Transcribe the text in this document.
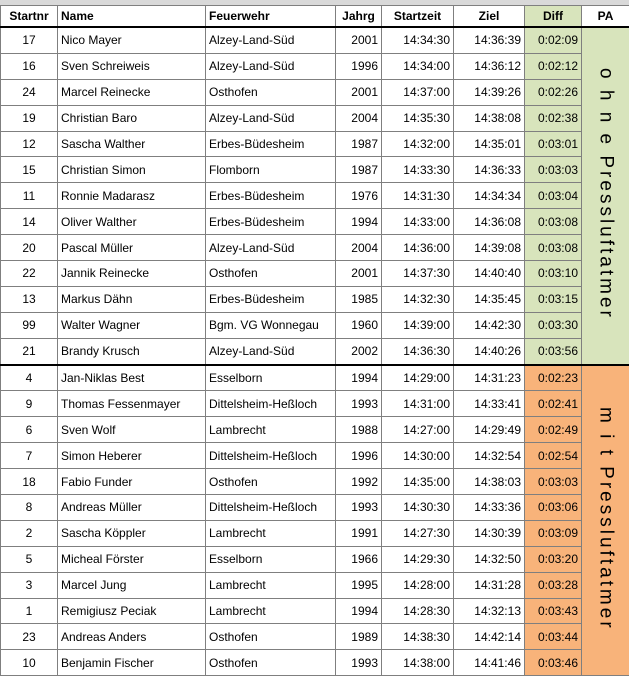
Startnr	Name	Feuerwehr	Jahrg	Startzeit	Ziel	Diff	PA
17	Nico Mayer	Alzey-Land-Süd	2001	14:34:30	14:36:39	0:02:09	o h n e Pressluftatmer
16	Sven Schreiweis	Alzey-Land-Süd	1996	14:34:00	14:36:12	0:02:12	
24	Marcel Reinecke	Osthofen	2001	14:37:00	14:39:26	0:02:26	
19	Christian Baro	Alzey-Land-Süd	2004	14:35:30	14:38:08	0:02:38	
12	Sascha Walther	Erbes-Büdesheim	1987	14:32:00	14:35:01	0:03:01	
15	Christian Simon	Flomborn	1987	14:33:30	14:36:33	0:03:03	
11	Ronnie Madarasz	Erbes-Büdesheim	1976	14:31:30	14:34:34	0:03:04	
14	Oliver Walther	Erbes-Büdesheim	1994	14:33:00	14:36:08	0:03:08	
20	Pascal Müller	Alzey-Land-Süd	2004	14:36:00	14:39:08	0:03:08	
22	Jannik Reinecke	Osthofen	2001	14:37:30	14:40:40	0:03:10	
13	Markus Dähn	Erbes-Büdesheim	1985	14:32:30	14:35:45	0:03:15	
99	Walter Wagner	Bgm. VG Wonnegau	1960	14:39:00	14:42:30	0:03:30	
21	Brandy Krusch	Alzey-Land-Süd	2002	14:36:30	14:40:26	0:03:56	
4	Jan-Niklas Best	Esselborn	1994	14:29:00	14:31:23	0:02:23	m i t Pressluftatmer
9	Thomas Fessenmayer	Dittelsheim-Heßloch	1993	14:31:00	14:33:41	0:02:41	
6	Sven Wolf	Lambrecht	1988	14:27:00	14:29:49	0:02:49	
7	Simon Heberer	Dittelsheim-Heßloch	1996	14:30:00	14:32:54	0:02:54	
18	Fabio Funder	Osthofen	1992	14:35:00	14:38:03	0:03:03	
8	Andreas Müller	Dittelsheim-Heßloch	1993	14:30:30	14:33:36	0:03:06	
2	Sascha Köppler	Lambrecht	1991	14:27:30	14:30:39	0:03:09	
5	Micheal Förster	Esselborn	1966	14:29:30	14:32:50	0:03:20	
3	Marcel Jung	Lambrecht	1995	14:28:00	14:31:28	0:03:28	
1	Remigiusz Peciak	Lambrecht	1994	14:28:30	14:32:13	0:03:43	
23	Andreas Anders	Osthofen	1989	14:38:30	14:42:14	0:03:44	
10	Benjamin Fischer	Osthofen	1993	14:38:00	14:41:46	0:03:46	
